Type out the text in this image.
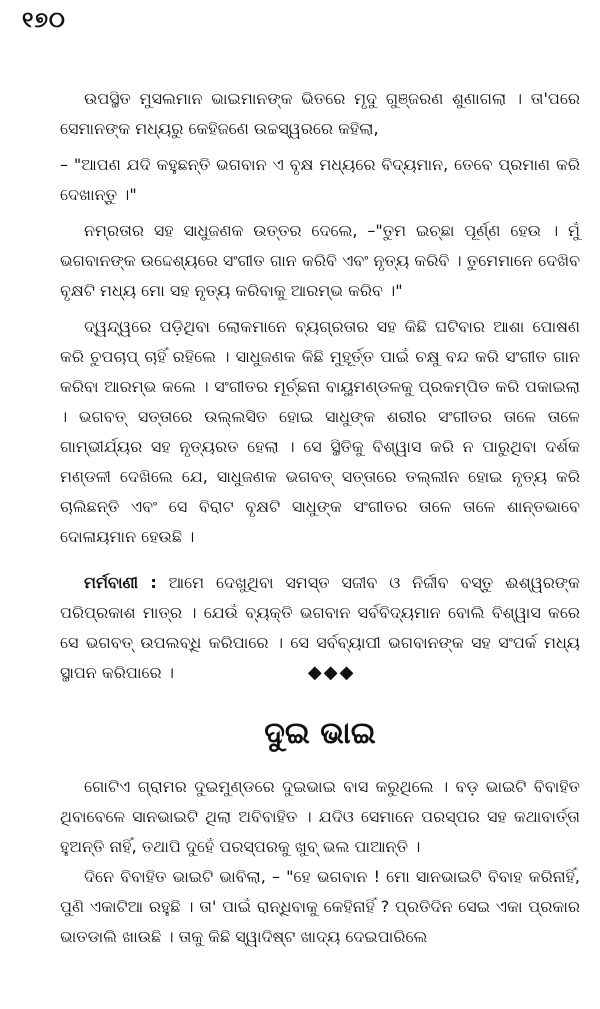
୧୭୦

ଉପସ୍ଥିତ ମୁସଲମାନ ଭାଇମାନଙ୍କ ଭିତରେ ମୃଦୁ ଗୁଞ୍ଜରଣ ଶୁଣାଗଲା । ତା'ପରେ ସେମାନଙ୍କ ମଧ୍ୟରୁ କେହିଜଣେ ଉଚ୍ଚସ୍ୱରରେ କହିଲା,

– "ଆପଣ ଯଦି କହୁଛନ୍ତି ଭଗବାନ ଏ ବୃକ୍ଷ ମଧ୍ୟରେ ବିଦ୍ୟମାନ, ତେବେ ପ୍ରମାଣ କରି ଦେଖାନ୍ତୁ ।"

ନମ୍ରତାର ସହ ସାଧୁଜଣକ ଉତ୍ତର ଦେଲେ, –"ତୁମ ଇଚ୍ଛା ପୂର୍ଣ୍ଣ ହେଉ । ମୁଁ ଭଗବାନଙ୍କ ଉଦ୍ଦେଶ୍ୟରେ ସଂଗୀତ ଗାନ କରିବି ଏବଂ ନୃତ୍ୟ କରିବି । ତୁମେମାନେ ଦେଖିବ ବୃକ୍ଷଟି ମଧ୍ୟ ମୋ ସହ ନୃତ୍ୟ କରିବାକୁ ଆରମ୍ଭ କରିବ ।"

ଦ୍ୱନ୍ଦ୍ୱରେ ପଡ଼ିଥିବା ଲୋକମାନେ ବ୍ୟଗ୍ରତାର ସହ କିଛି ଘଟିବାର ଆଶା ପୋଷଣ କରି ଚୁପଚାପ୍ ଚାହିଁ ରହିଲେ । ସାଧୁଜଣକ କିଛି ମୁହୂର୍ତ୍ତ ପାଇଁ ଚକ୍ଷୁ ବନ୍ଦ କରି ସଂଗୀତ ଗାନ କରିବା ଆରମ୍ଭ କଲେ । ସଂଗୀତର ମୂର୍ଚ୍ଛନା ବାୟୁମଣ୍ଡଳକୁ ପ୍ରକମ୍ପିତ କରି ପକାଇଲା । ଭଗବତ୍ ସତ୍ତାରେ ଉଲ୍ଲସିତ ହୋଇ ସାଧୁଙ୍କ ଶରୀର ସଂଗୀତର ତାଳେ ତାଳେ ଗାମ୍ଭୀର୍ଯ୍ୟର ସହ ନୃତ୍ୟରତ ହେଲା । ସେ ସ୍ଥିତିକୁ ବିଶ୍ୱାସ କରି ନ ପାରୁଥିବା ଦର୍ଶକ ମଣ୍ଡଳୀ ଦେଖିଲେ ଯେ, ସାଧୁଜଣକ ଭଗବତ୍ ସତ୍ତାରେ ତଲ୍ଲୀନ ହୋଇ ନୃତ୍ୟ କରି ଚାଲିଛନ୍ତି ଏବଂ ସେ ବିରାଟ ବୃକ୍ଷଟି ସାଧୁଙ୍କ ସଂଗୀତର ତାଳେ ତାଳେ ଶାନ୍ତଭାବେ ଦୋଳାୟମାନ ହେଉଛି ।

ମର୍ମବାଣୀ : ଆମେ ଦେଖୁଥିବା ସମସ୍ତ ସଜୀବ ଓ ନିର୍ଜୀବ ବସ୍ତୁ ଈଶ୍ୱରଙ୍କ ପରିପ୍ରକାଶ ମାତ୍ର । ଯେଉଁ ବ୍ୟକ୍ତି ଭଗବାନ ସର୍ବବିଦ୍ୟମାନ ବୋଲି ବିଶ୍ୱାସ କରେ ସେ ଭଗବତ୍ ଉପଲବ୍ଧି କରିପାରେ । ସେ ସର୍ବବ୍ୟାପୀ ଭଗବାନଙ୍କ ସହ ସଂପର୍କ ମଧ୍ୟ ସ୍ଥାପନ କରିପାରେ ।	◆◆◆

ଦୁଇ ଭାଇ

ଗୋଟିଏ ଗ୍ରାମର ଦୁଇମୁଣ୍ଡରେ ଦୁଇଭାଇ ବାସ କରୁଥିଲେ । ବଡ଼ ଭାଇଟି ବିବାହିତ ଥିବାବେଳେ ସାନଭାଇଟି ଥିଲା ଅବିବାହିତ । ଯଦିଓ ସେମାନେ ପରସ୍ପର ସହ କଥାବାର୍ତ୍ତା ହୁଅନ୍ତି ନାହିଁ, ତଥାପି ଦୁହେଁ ପରସ୍ପରକୁ ଖୁବ୍ ଭଲ ପାଆନ୍ତି ।

ଦିନେ ବିବାହିତ ଭାଇଟି ଭାବିଲା, – "ହେ ଭଗବାନ ! ମୋ ସାନଭାଇଟି ବିବାହ କରିନାହିଁ, ପୁଣି ଏକାଟିଆ ରହୁଛି । ତା' ପାଇଁ ରାନ୍ଧିବାକୁ କେହିନାହିଁ ? ପ୍ରତିଦିନ ସେଇ ଏକା ପ୍ରକାର ଭାତଡାଲି ଖାଉଛି । ତାକୁ କିଛି ସ୍ୱାଦିଷ୍ଟ ଖାଦ୍ୟ ଦେଇପାରିଲେ
